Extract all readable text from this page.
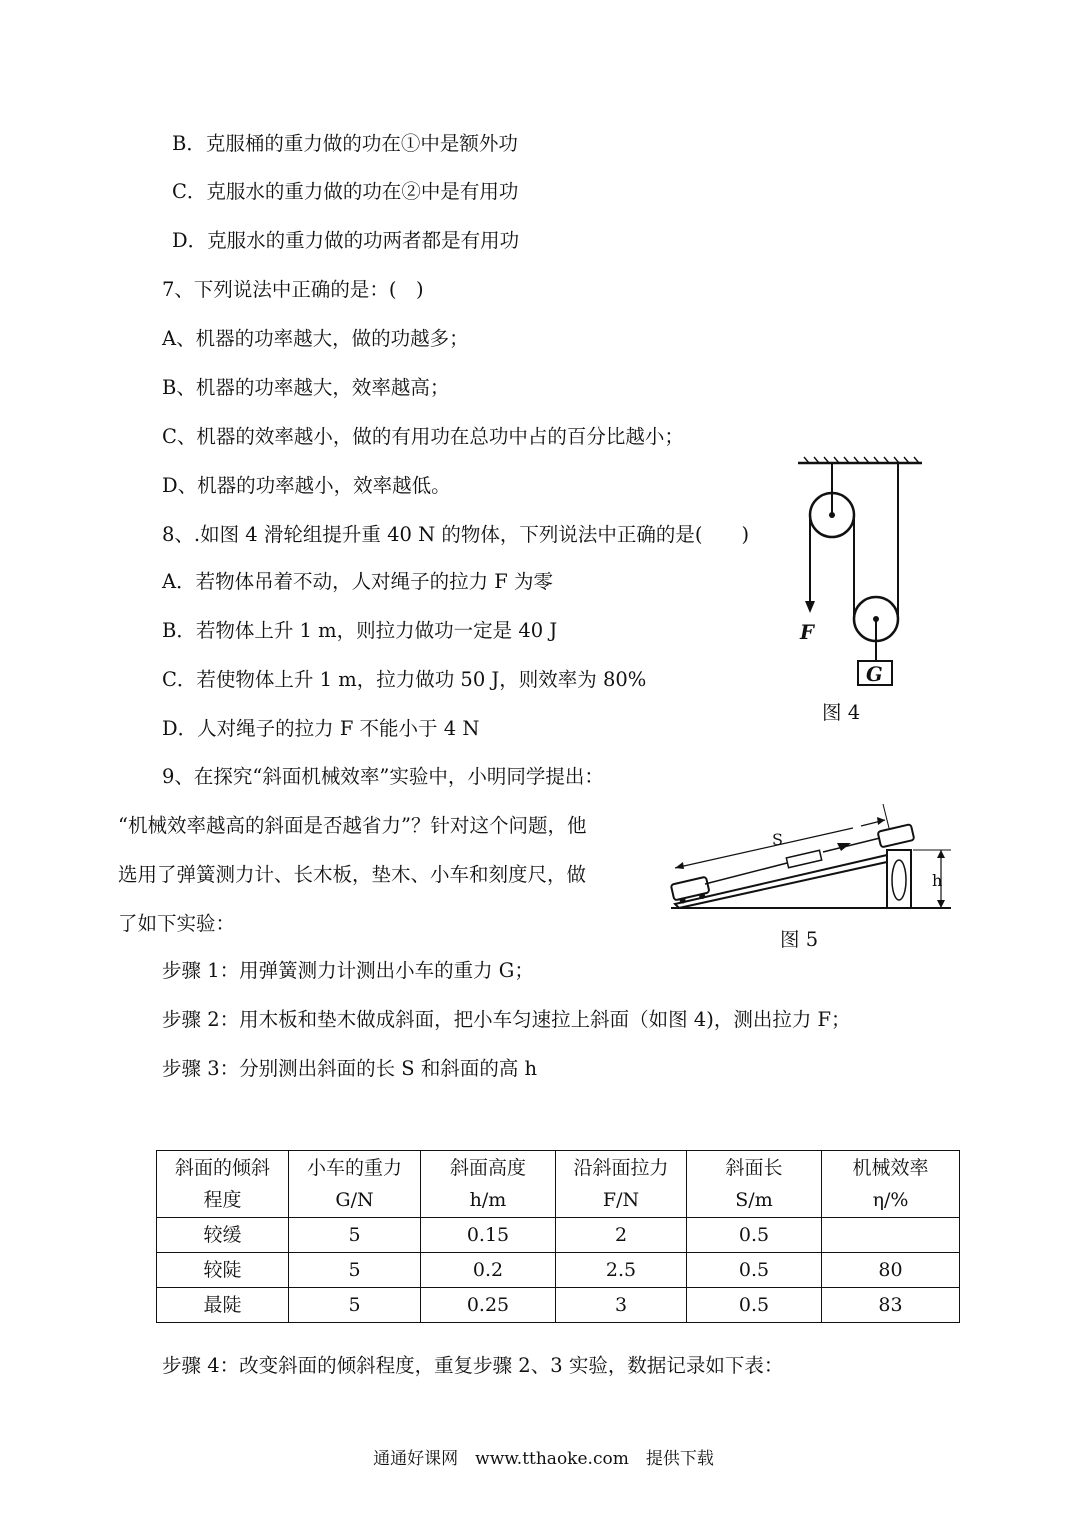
B．克服桶的重力做的功在①中是额外功
C．克服水的重力做的功在②中是有用功
D．克服水的重力做的功两者都是有用功
7、下列说法中正确的是：(　)
A、机器的功率越大，做的功越多；
B、机器的功率越大，效率越高；
C、机器的效率越小，做的有用功在总功中占的百分比越小；
D、机器的功率越小，效率越低。
8、.如图 4 滑轮组提升重 40 N 的物体，下列说法中正确的是(　　)
A．若物体吊着不动，人对绳子的拉力 F 为零
B．若物体上升 1 m，则拉力做功一定是 40 J
C．若使物体上升 1 m，拉力做功 50 J，则效率为 80%
D．人对绳子的拉力 F 不能小于 4 N
F
G
图 4
9、在探究“斜面机械效率”实验中，小明同学提出：
“机械效率越高的斜面是否越省力”？针对这个问题，他
选用了弹簧测力计、长木板，垫木、小车和刻度尺，做
了如下实验：
S
h
图 5
步骤 1：用弹簧测力计测出小车的重力 G；
步骤 2：用木板和垫木做成斜面，把小车匀速拉上斜面（如图 4)，测出拉力 F；
步骤 3：分别测出斜面的长 S 和斜面的高 h
斜面的倾斜
程度	小车的重力
G/N	斜面高度
h/m	沿斜面拉力
F/N	斜面长
S/m	机械效率
η/%
较缓	5	0.15	2	0.5	
较陡	5	0.2	2.5	0.5	80
最陡	5	0.25	3	0.5	83
步骤 4：改变斜面的倾斜程度，重复步骤 2、3 实验，数据记录如下表：
通通好课网　www.tthaoke.com　提供下载
